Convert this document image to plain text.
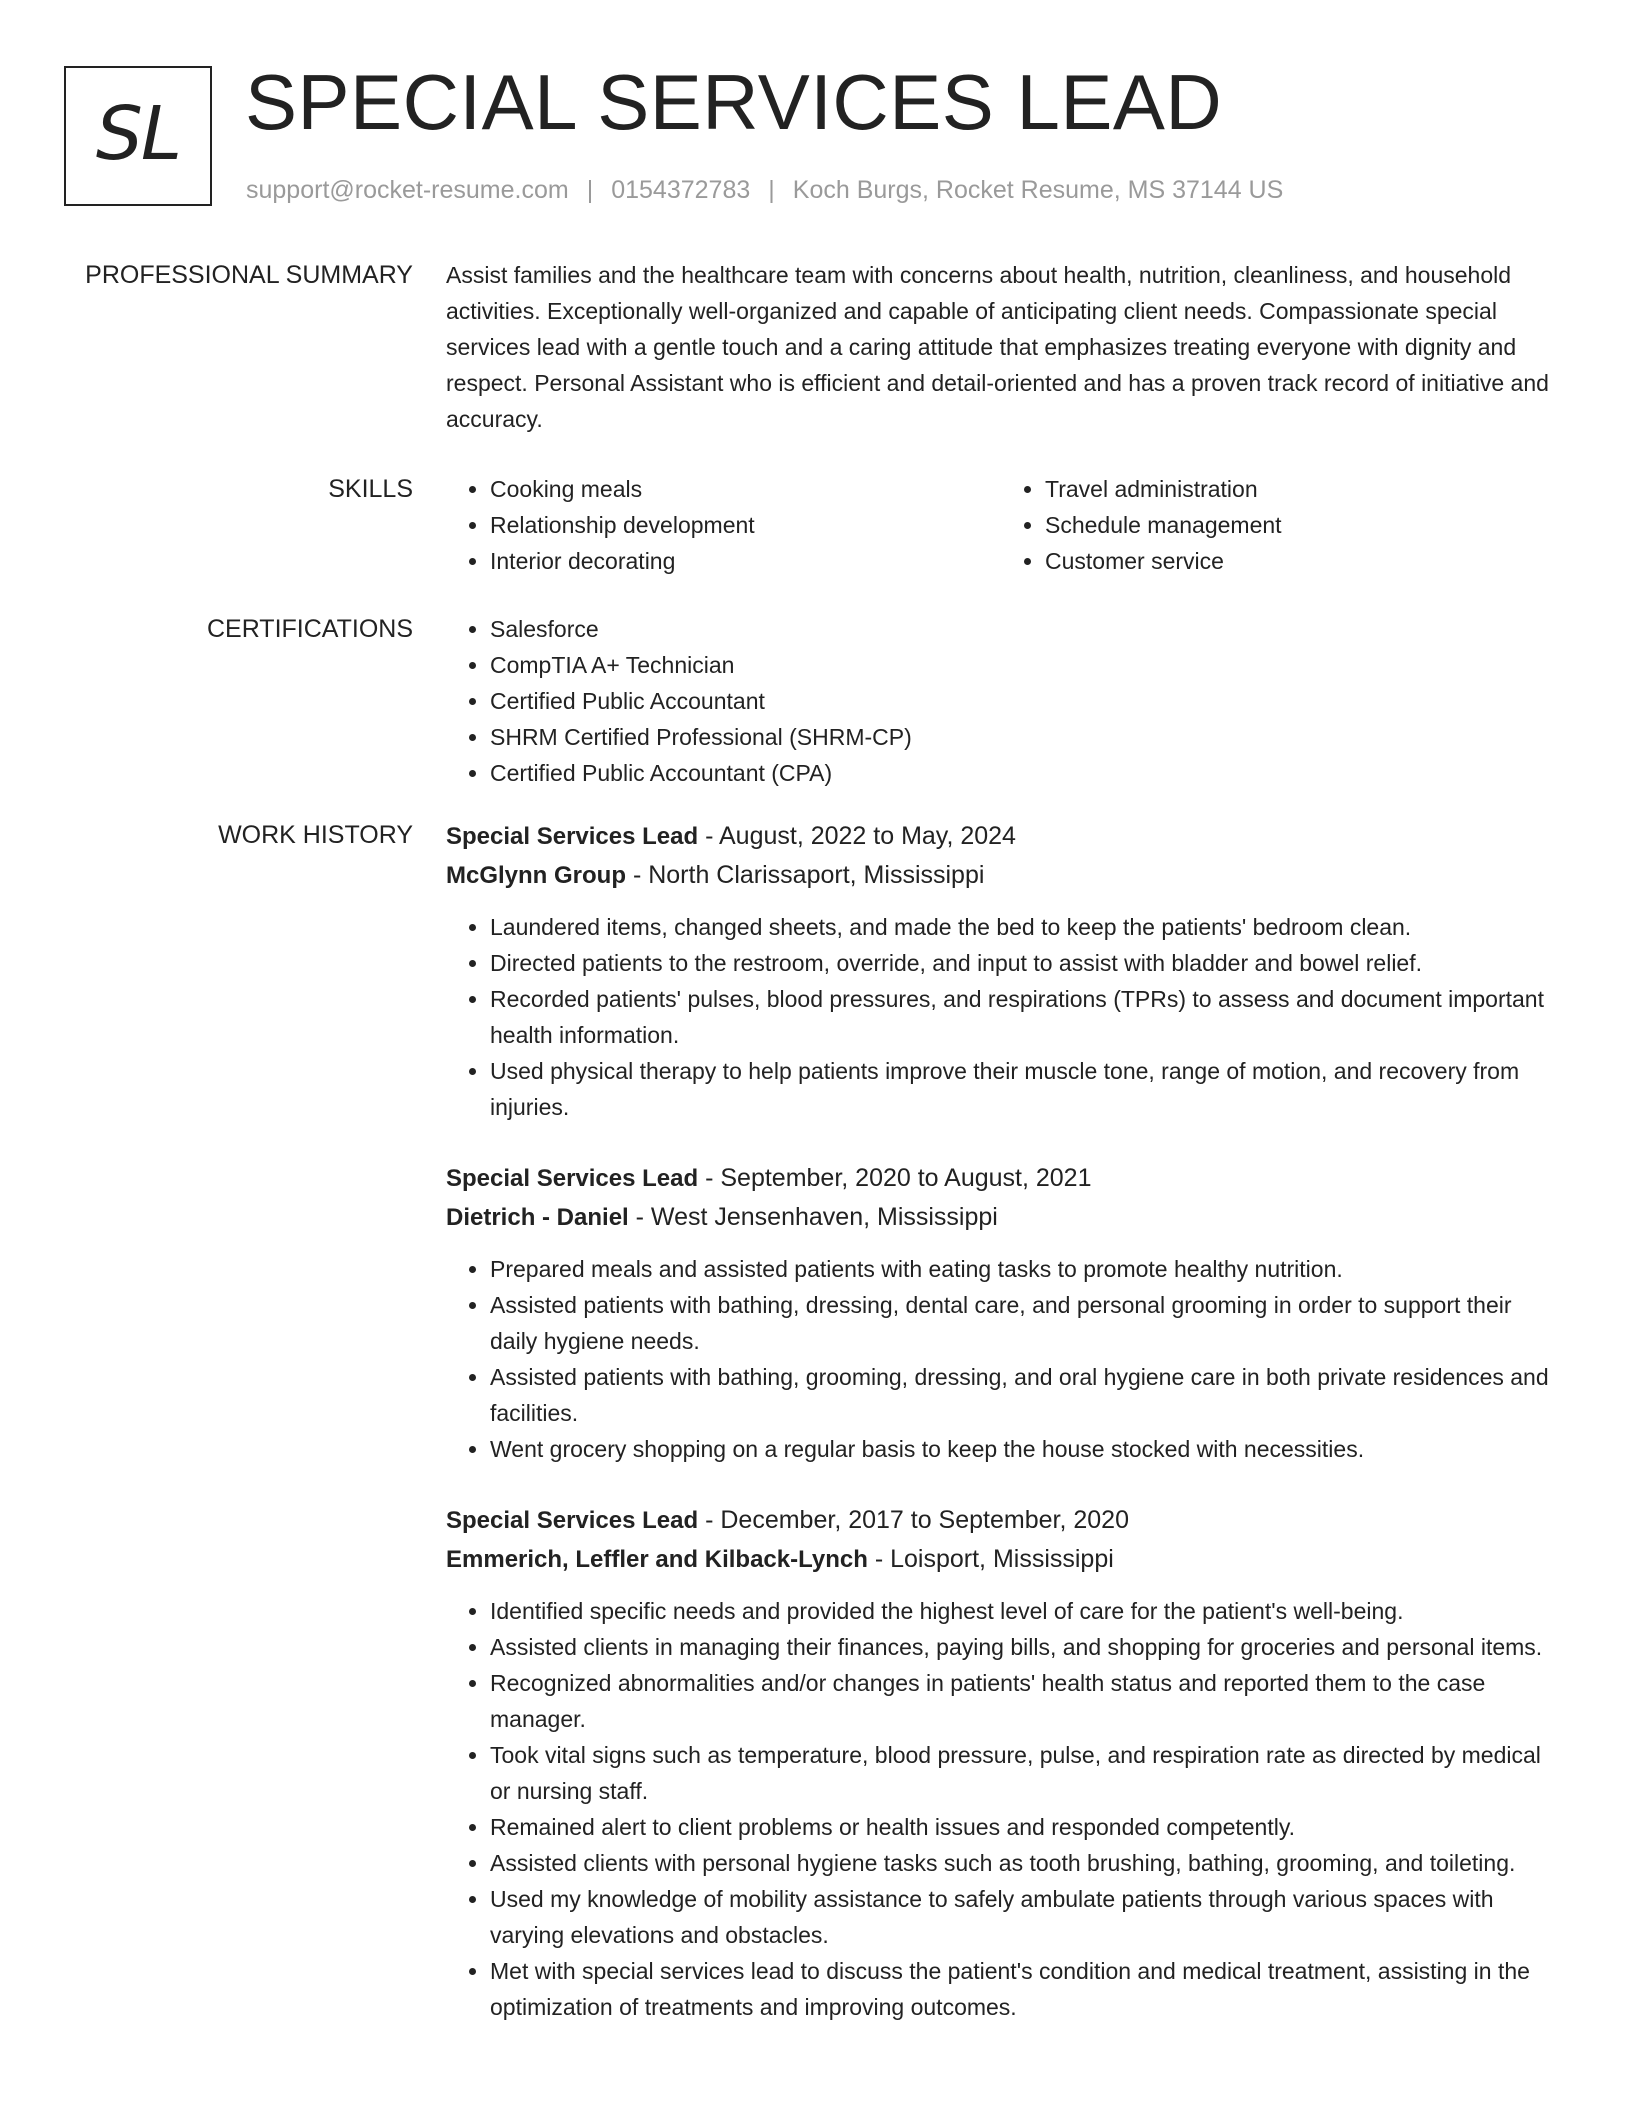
SL SPECIAL SERVICES LEAD
support@rocket-resume.com | 0154372783 | Koch Burgs, Rocket Resume, MS 37144 US
PROFESSIONAL SUMMARY Assist families and the healthcare team with concerns about health, nutrition, cleanliness, and household activities. Exceptionally well-organized and capable of anticipating client needs. Compassionate special services lead with a gentle touch and a caring attitude that emphasizes treating everyone with dignity and respect. Personal Assistant who is efficient and detail-oriented and has a proven track record of initiative and accuracy.

SKILLS	• Cooking meals
• Relationship development
• Interior decorating
• Travel administration
• Schedule management
• Customer service
CERTIFICATIONS	• Salesforce
• CompTIA A+ Technician
• Certified Public Accountant
• SHRM Certified Professional (SHRM-CP)
• Certified Public Accountant (CPA)
WORK HISTORY Special Services Lead - August, 2022 to May, 2024
McGlynn Group - North Clarissaport, Mississippi
• Laundered items, changed sheets, and made the bed to keep the patients' bedroom clean.
• Directed patients to the restroom, override, and input to assist with bladder and bowel relief.
• Recorded patients' pulses, blood pressures, and respirations (TPRs) to assess and document important health information.
• Used physical therapy to help patients improve their muscle tone, range of motion, and recovery from injuries.
Special Services Lead - September, 2020 to August, 2021
Dietrich - Daniel - West Jensenhaven, Mississippi
• Prepared meals and assisted patients with eating tasks to promote healthy nutrition.
• Assisted patients with bathing, dressing, dental care, and personal grooming in order to support their daily hygiene needs.
• Assisted patients with bathing, grooming, dressing, and oral hygiene care in both private residences and facilities.
• Went grocery shopping on a regular basis to keep the house stocked with necessities.
Special Services Lead - December, 2017 to September, 2020
Emmerich, Leffler and Kilback-Lynch - Loisport, Mississippi
• Identified specific needs and provided the highest level of care for the patient's well-being.
• Assisted clients in managing their finances, paying bills, and shopping for groceries and personal items.
• Recognized abnormalities and/or changes in patients' health status and reported them to the case manager.
• Took vital signs such as temperature, blood pressure, pulse, and respiration rate as directed by medical or nursing staff.
• Remained alert to client problems or health issues and responded competently.
• Assisted clients with personal hygiene tasks such as tooth brushing, bathing, grooming, and toileting.
• Used my knowledge of mobility assistance to safely ambulate patients through various spaces with varying elevations and obstacles.
• Met with special services lead to discuss the patient's condition and medical treatment, assisting in the optimization of treatments and improving outcomes.
